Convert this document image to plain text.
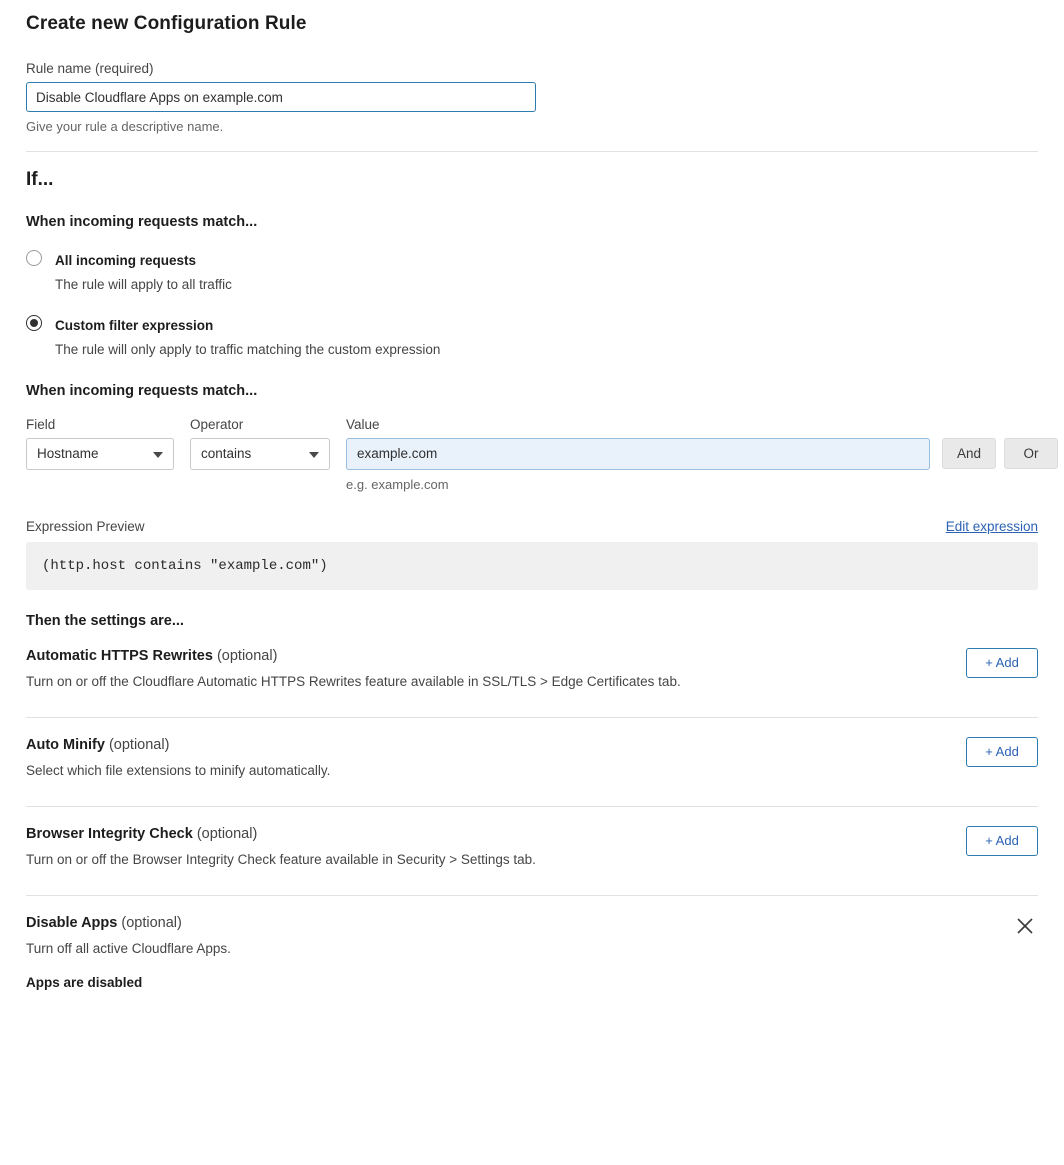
Create new Configuration Rule
Rule name (required)
Disable Cloudflare Apps on example.com
Give your rule a descriptive name.
If...
When incoming requests match...
All incoming requests
The rule will apply to all traffic
Custom filter expression
The rule will only apply to traffic matching the custom expression
When incoming requests match...
Field
Hostname
Operator
contains
Value
example.com
e.g. example.com

And
	Or
Expression Preview	Edit expression
(http.host contains "example.com")
Then the settings are...
Automatic HTTPS Rewrites (optional)
Turn on or off the Cloudflare Automatic HTTPS Rewrites feature available in SSL/TLS > Edge Certificates tab.
+ Add
Auto Minify (optional)
Select which file extensions to minify automatically.
+ Add
Browser Integrity Check (optional)
Turn on or off the Browser Integrity Check feature available in Security > Settings tab.
+ Add
Disable Apps (optional)
Turn off all active Cloudflare Apps.
Apps are disabled
